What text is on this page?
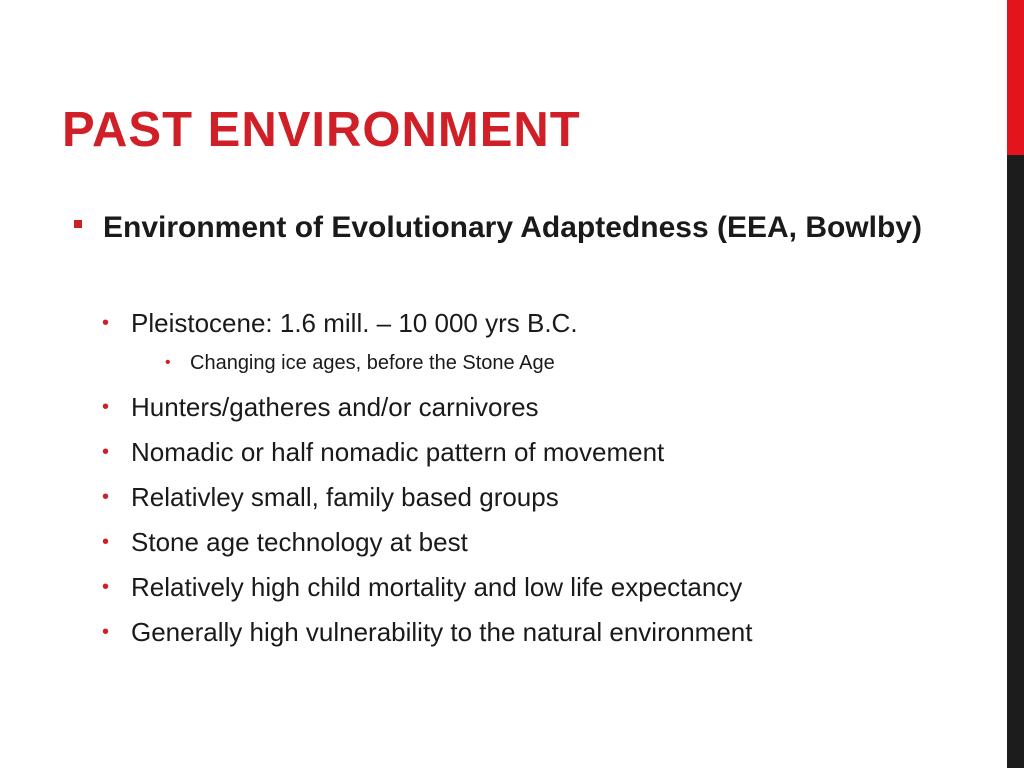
PAST ENVIRONMENT
Environment of Evolutionary Adaptedness (EEA, Bowlby)
• Pleistocene: 1.6 mill. – 10 000 yrs B.C.
• Changing ice ages, before the Stone Age
• Hunters/gatheres and/or carnivores
• Nomadic or half nomadic pattern of movement
• Relativley small, family based groups
• Stone age technology at best
• Relatively high child mortality and low life expectancy
• Generally high vulnerability to the natural environment
